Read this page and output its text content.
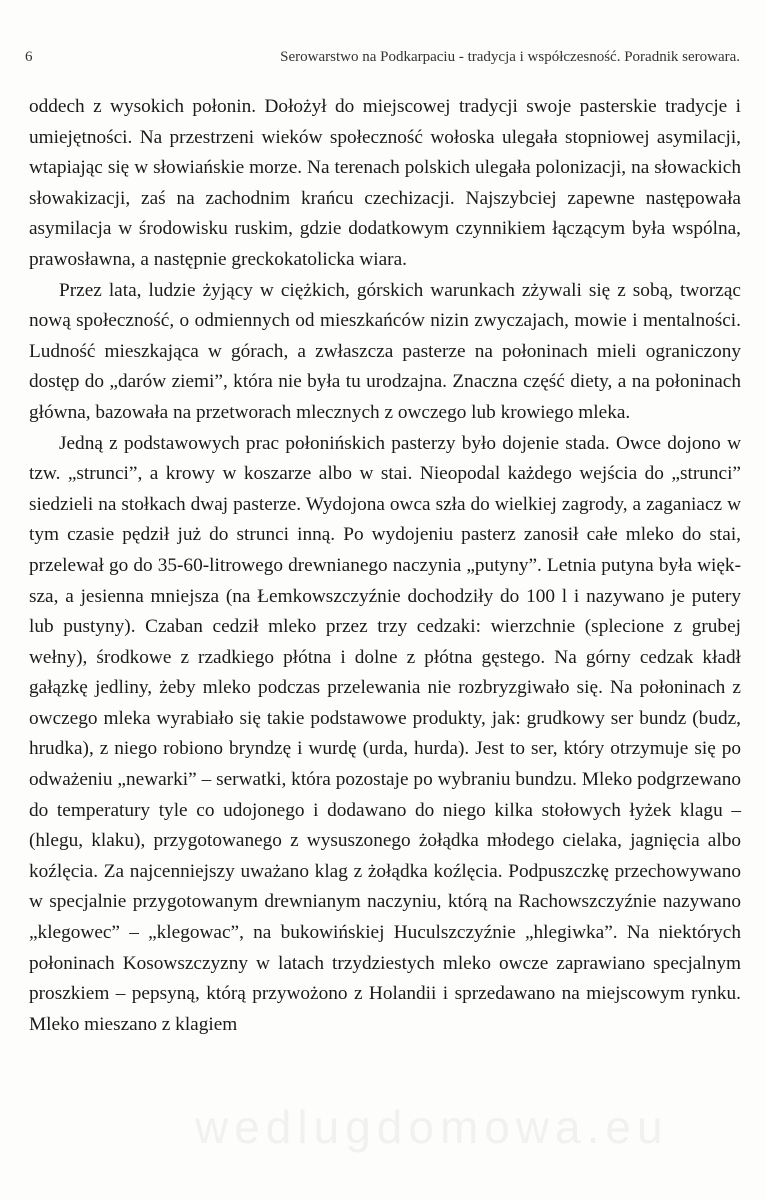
6	Serowarstwo na Podkarpaciu - tradycja i współczesność. Poradnik serowara.

oddech z wysokich połonin. Dołożył do miejscowej tradycji swoje pasterskie tradycje i umiejętności. Na przestrzeni wieków społeczność wołoska ulegała stopniowej asymilacji, wtapiając się w słowiańskie morze. Na terenach polskich ulegała polonizacji, na słowackich słowakizacji, zaś na zachodnim krańcu czechizacji. Najszybciej zapewne następowała asymilacja w środowisku ruskim, gdzie dodatkowym czynnikiem łączącym była wspólna, prawosławna, a następnie greckokatolicka wiara.

Przez lata, ludzie żyjący w ciężkich, górskich warunkach zżywali się z sobą, tworząc nową społeczność, o odmiennych od mieszkańców nizin zwyczajach, mowie i mentalności. Ludność mieszkająca w górach, a zwłaszcza pasterze na połoninach mieli ograniczony dostęp do „darów ziemi”, która nie była tu urodzajna. Znaczna część diety, a na połoninach główna, bazowała na przetworach mlecznych z owczego lub krowiego mleka.

Jedną z podstawowych prac połonińskich pasterzy było dojenie stada. Owce dojono w tzw. „strunci”, a krowy w koszarze albo w stai. Nieopodal każdego wejścia do „strunci” siedzieli na stołkach dwaj pasterze. Wydojona owca szła do wielkiej zagrody, a zaganiacz w tym czasie pędził już do strunci inną. Po wydojeniu pasterz zanosił całe mleko do stai, przelewał go do 35-60-litrowego drewnianego naczynia „putyny”. Letnia putyna była większa, a jesienna mniejsza (na Łemkowszczyźnie dochodziły do 100 l i nazywano je putery lub pustyny). Czaban cedził mleko przez trzy cedzaki: wierzchnie (splecione z grubej wełny), środkowe z rzadkiego płótna i dolne z płótna gęstego. Na górny cedzak kładł gałązkę jedliny, żeby mleko podczas przelewania nie rozbryzgiwało się. Na połoninach z owczego mleka wyrabiało się takie podstawowe produkty, jak: grudkowy ser bundz (budz, hrudka), z niego robiono bryndzę i wurdę (urda, hurda). Jest to ser, który otrzymuje się po odważeniu „newarki” – serwatki, która pozostaje po wybraniu bundzu. Mleko podgrzewano do temperatury tyle co udojonego i dodawano do niego kilka stołowych łyżek klagu – (hlegu, klaku), przygotowanego z wysuszonego żołądka młodego cielaka, jagnięcia albo koźlęcia. Za najcenniejszy uważano klag z żołądka koźlęcia. Podpuszczkę przechowywano w specjalnie przygotowanym drewnianym naczyniu, którą na Rachowszczyźnie nazywano „klegowec” – „klegowac”, na bukowińskiej Huculszczyźnie „hlegiwka”. Na niektórych połoninach Kosowszczyzny w latach trzydziestych mleko owcze zaprawiano specjalnym proszkiem – pepsyną, którą przywożono z Holandii i sprzedawano na miejscowym rynku. Mleko mieszano z klagiem

wedlugdomowa.eu
